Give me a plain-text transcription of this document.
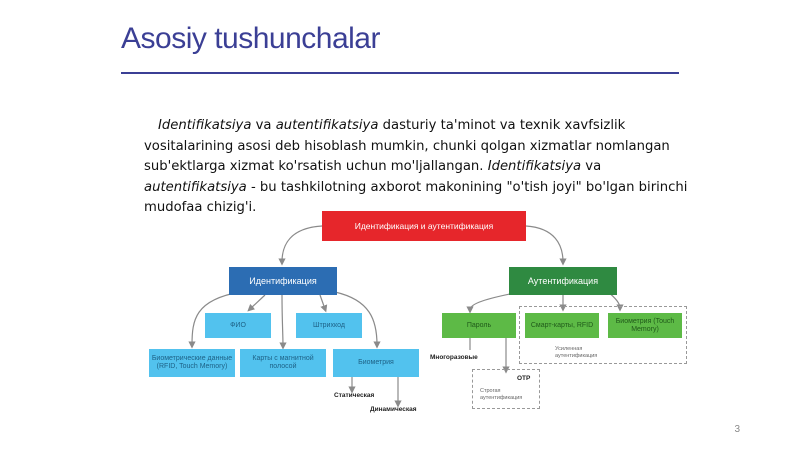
Asosiy tushunchalar
Identifikatsiya va autentifikatsiya dasturiy ta'minot va texnik xavfsizlik vositalarining asosi deb hisoblash mumkin, chunki qolgan xizmatlar nomlangan sub'ektlarga xizmat ko'rsatish uchun mo'ljallangan. Identifikatsiya va autentifikatsiya - bu tashkilotning axborot makonining "o'tish joyi" bo'lgan birinchi mudofaa chizig'i.
Идентификация и аутентификация
Идентификация	Аутентификация
ФИО	Штрихкод
Биометрические данные (RFID, Touch Memory)
Карты с магнитной полосой
Биометрия
Пароль	Смарт-карты, RFID
Биометрия (Touch Memory)
Усиленная аутентификация
Строгая аутентификация
Многоразовые
OTP
Статическая
Динамическая
3
